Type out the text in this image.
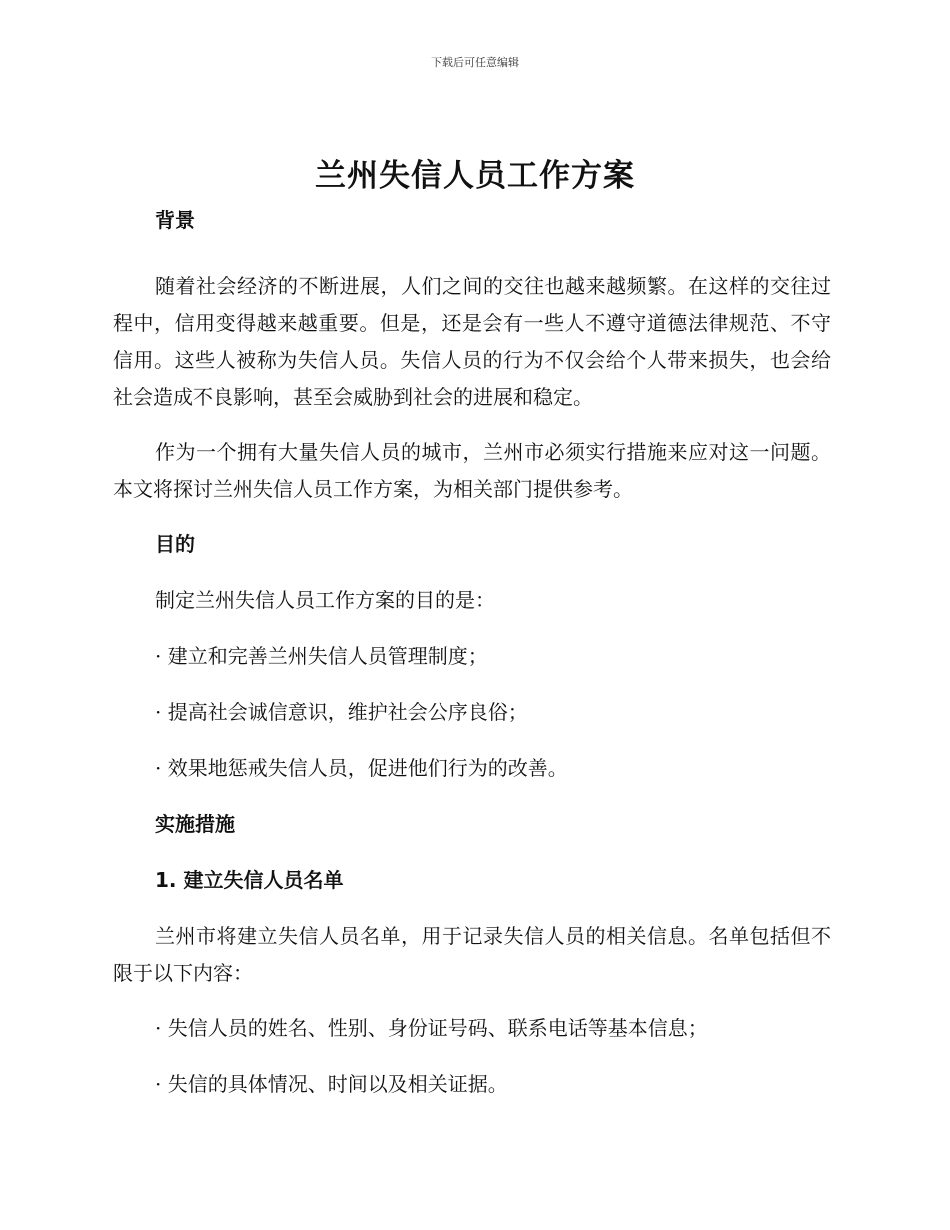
下载后可任意编辑
兰州失信人员工作方案
背景

随着社会经济的不断进展，人们之间的交往也越来越频繁。在这样的交往过程中，信用变得越来越重要。但是，还是会有一些人不遵守道德法律规范、不守信用。这些人被称为失信人员。失信人员的行为不仅会给个人带来损失，也会给社会造成不良影响，甚至会威胁到社会的进展和稳定。

作为一个拥有大量失信人员的城市，兰州市必须实行措施来应对这一问题。本文将探讨兰州失信人员工作方案，为相关部门提供参考。

目的
制定兰州失信人员工作方案的目的是：
· 建立和完善兰州失信人员管理制度；
· 提高社会诚信意识，维护社会公序良俗；
· 效果地惩戒失信人员，促进他们行为的改善。
实施措施
1. 建立失信人员名单

兰州市将建立失信人员名单，用于记录失信人员的相关信息。名单包括但不限于以下内容：

· 失信人员的姓名、性别、身份证号码、联系电话等基本信息；
· 失信的具体情况、时间以及相关证据。
